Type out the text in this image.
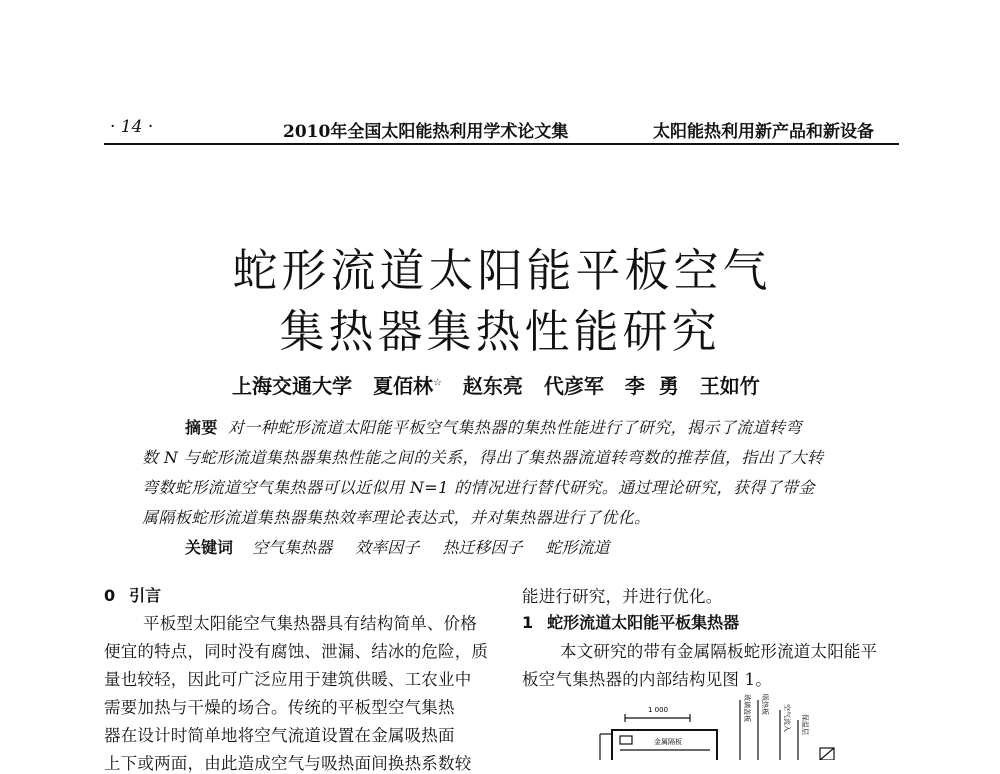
· 14 ·	2010年全国太阳能热利用学术论文集	太阳能热利用新产品和新设备
蛇形流道太阳能平板空气
集热器集热性能研究
上海交通大学 夏佰林☆ 赵东亮 代彦军 李  勇 王如竹
摘要 对一种蛇形流道太阳能平板空气集热器的集热性能进行了研究，揭示了流道转弯
数 N 与蛇形流道集热器集热性能之间的关系，得出了集热器流道转弯数的推荐值，指出了大转
弯数蛇形流道空气集热器可以近似用 N=1 的情况进行替代研究。通过理论研究，获得了带金
属隔板蛇形流道集热器集热效率理论表达式，并对集热器进行了优化。
关键词 空气集热器 效率因子 热迁移因子 蛇形流道
0 引言
平板型太阳能空气集热器具有结构简单、价格
便宜的特点，同时没有腐蚀、泄漏、结冰的危险，质
量也较轻，因此可广泛应用于建筑供暖、工农业中
需要加热与干燥的场合。传统的平板型空气集热
器在设计时简单地将空气流道设置在金属吸热面
上下或两面，由此造成空气与吸热面间换热系数较
能进行研究，并进行优化。
1 蛇形流道太阳能平板集热器
本文研究的带有金属隔板蛇形流道太阳能平
板空气集热器的内部结构见图 1。
1 000
金属隔板
玻璃盖板 吸热板 空气流入 保温层
